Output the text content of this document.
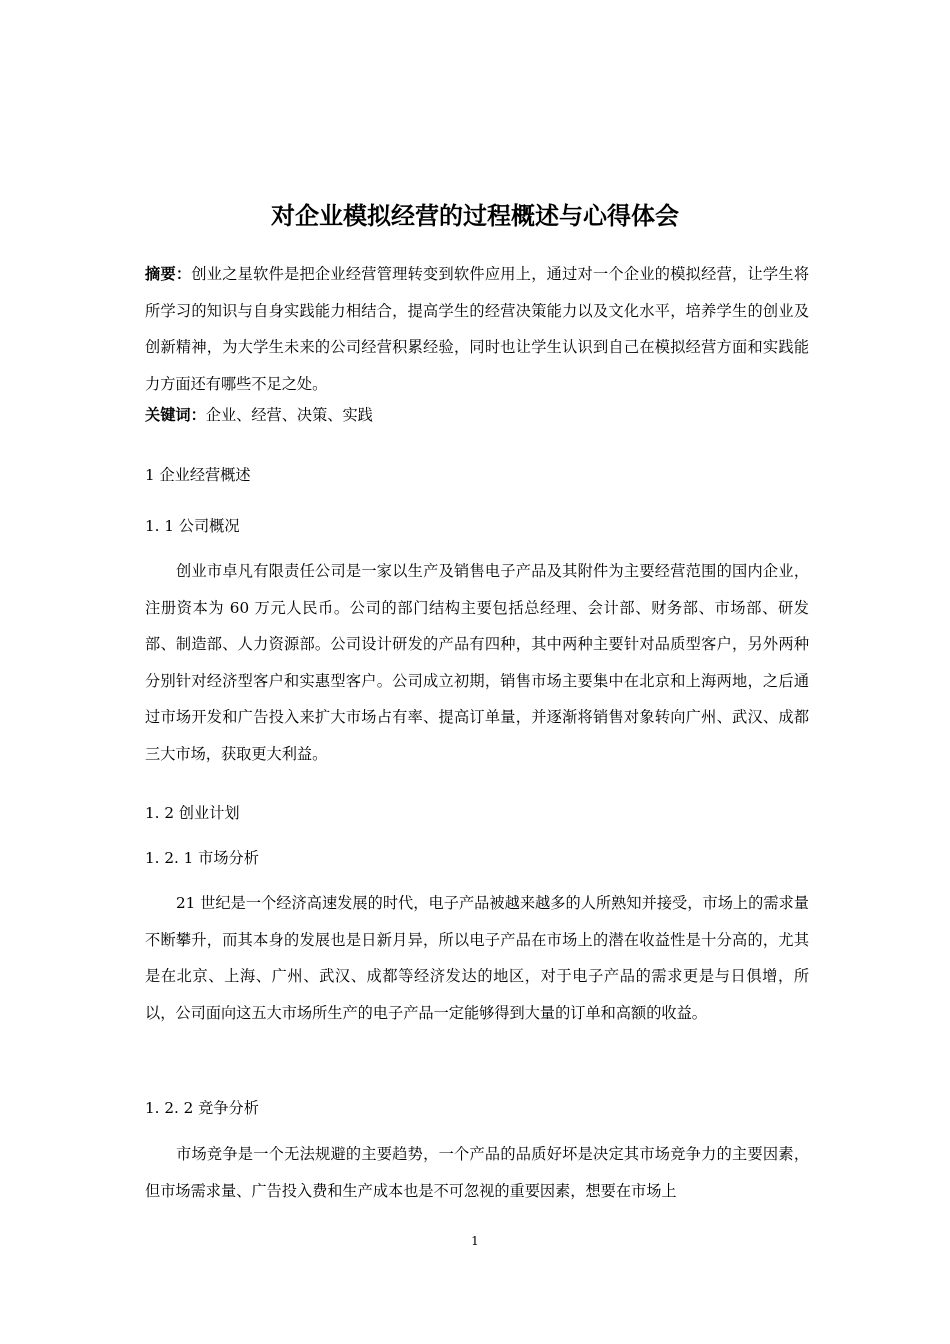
对企业模拟经营的过程概述与心得体会
摘要：创业之星软件是把企业经营管理转变到软件应用上，通过对一个企业的模拟经营，让学生将所学习的知识与自身实践能力相结合，提高学生的经营决策能力以及文化水平，培养学生的创业及创新精神，为大学生未来的公司经营积累经验，同时也让学生认识到自己在模拟经营方面和实践能力方面还有哪些不足之处。
关键词：企业、经营、决策、实践
1 企业经营概述
1. 1 公司概况
创业市卓凡有限责任公司是一家以生产及销售电子产品及其附件为主要经营范围的国内企业，注册资本为 60 万元人民币。公司的部门结构主要包括总经理、会计部、财务部、市场部、研发部、制造部、人力资源部。公司设计研发的产品有四种，其中两种主要针对品质型客户，另外两种分别针对经济型客户和实惠型客户。公司成立初期，销售市场主要集中在北京和上海两地，之后通过市场开发和广告投入来扩大市场占有率、提高订单量，并逐渐将销售对象转向广州、武汉、成都三大市场，获取更大利益。
1. 2 创业计划
1. 2. 1 市场分析
21 世纪是一个经济高速发展的时代，电子产品被越来越多的人所熟知并接受，市场上的需求量不断攀升，而其本身的发展也是日新月异，所以电子产品在市场上的潜在收益性是十分高的，尤其是在北京、上海、广州、武汉、成都等经济发达的地区，对于电子产品的需求更是与日俱增，所以，公司面向这五大市场所生产的电子产品一定能够得到大量的订单和高额的收益。
1. 2. 2 竞争分析
市场竞争是一个无法规避的主要趋势，一个产品的品质好坏是决定其市场竞争力的主要因素，但市场需求量、广告投入费和生产成本也是不可忽视的重要因素，想要在市场上
1
